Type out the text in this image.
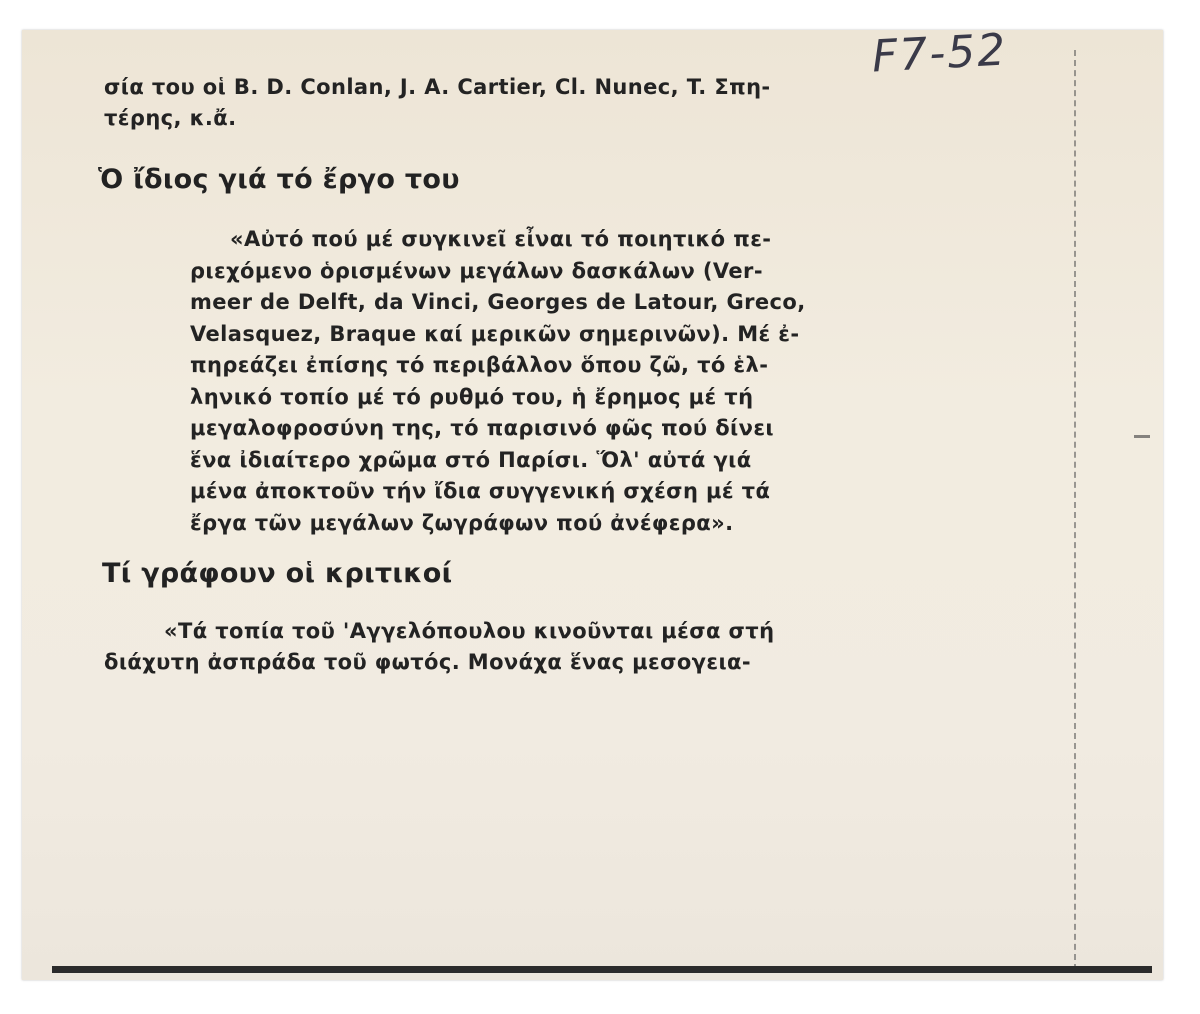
F7-52
σία του οἱ B. D. Conlan, J. A. Cartier, Cl. Nunec, T. Σπη-
τέρης, κ.ἄ.
Ὁ ἴδιος γιά τό ἔργο του
«Αὐτό πού μέ συγκινεῖ εἶναι τό ποιητικό πε-
ριεχόμενο ὁρισμένων μεγάλων δασκάλων (Ver-
meer de Delft, da Vinci, Georges de Latour, Greco,
Velasquez, Braque καί μερικῶν σημερινῶν). Μέ ἐ-
πηρεάζει ἐπίσης τό περιβάλλον ὅπου ζῶ, τό ἑλ-
ληνικό τοπίο μέ τό ρυθμό του, ἡ ἔρημος μέ τή
μεγαλοφροσύνη της, τό παρισινό φῶς πού δίνει
ἕνα ἰδιαίτερο χρῶμα στό Παρίσι. Ὅλ' αὐτά γιά
μένα ἀποκτοῦν τήν ἴδια συγγενική σχέση μέ τά
ἔργα τῶν μεγάλων ζωγράφων πού ἀνέφερα».
Τί γράφουν οἱ κριτικοί
«Τά τοπία τοῦ 'Αγγελόπουλου κινοῦνται μέσα στή
διάχυτη ἀσπράδα τοῦ φωτός. Μονάχα ἕνας μεσογεια-
